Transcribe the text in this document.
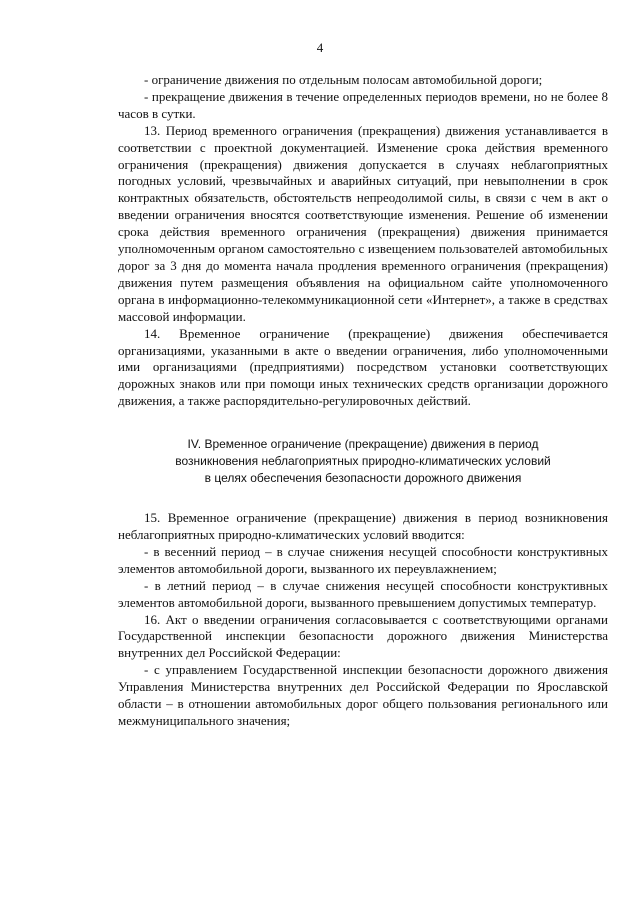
4

- ограничение движения по отдельным полосам автомобильной дороги;

- прекращение движения в течение определенных периодов времени, но не более 8 часов в сутки.

13. Период временного ограничения (прекращения) движения устанавливается в соответствии с проектной документацией. Изменение срока действия временного ограничения (прекращения) движения допускается в случаях неблагоприятных погодных условий, чрезвычайных и аварийных ситуаций, при невыполнении в срок контрактных обязательств, обстоятельств непреодолимой силы, в связи с чем в акт о введении ограничения вносятся соответствующие изменения. Решение об изменении срока действия временного ограничения (прекращения) движения принимается уполномоченным органом самостоятельно с извещением пользователей автомобильных дорог за 3 дня до момента начала продления временного ограничения (прекращения) движения путем размещения объявления на официальном сайте уполномоченного органа в информационно-телекоммуникационной сети «Интернет», а также в средствах массовой информации.

14. Временное ограничение (прекращение) движения обеспечивается организациями, указанными в акте о введении ограничения, либо уполномоченными ими организациями (предприятиями) посредством установки соответствующих дорожных знаков или при помощи иных технических средств организации дорожного движения, а также распорядительно-регулировочных действий.

IV. Временное ограничение (прекращение) движения в период
возникновения неблагоприятных природно-климатических условий
в целях обеспечения безопасности дорожного движения

15. Временное ограничение (прекращение) движения в период возникновения неблагоприятных природно-климатических условий вводится:

- в весенний период – в случае снижения несущей способности конструктивных элементов автомобильной дороги, вызванного их переувлажнением;

- в летний период – в случае снижения несущей способности конструктивных элементов автомобильной дороги, вызванного превышением допустимых температур.

16. Акт о введении ограничения согласовывается с соответствующими органами Государственной инспекции безопасности дорожного движения Министерства внутренних дел Российской Федерации:

- с управлением Государственной инспекции безопасности дорожного движения Управления Министерства внутренних дел Российской Федерации по Ярославской области – в отношении автомобильных дорог общего пользования регионального или межмуниципального значения;
